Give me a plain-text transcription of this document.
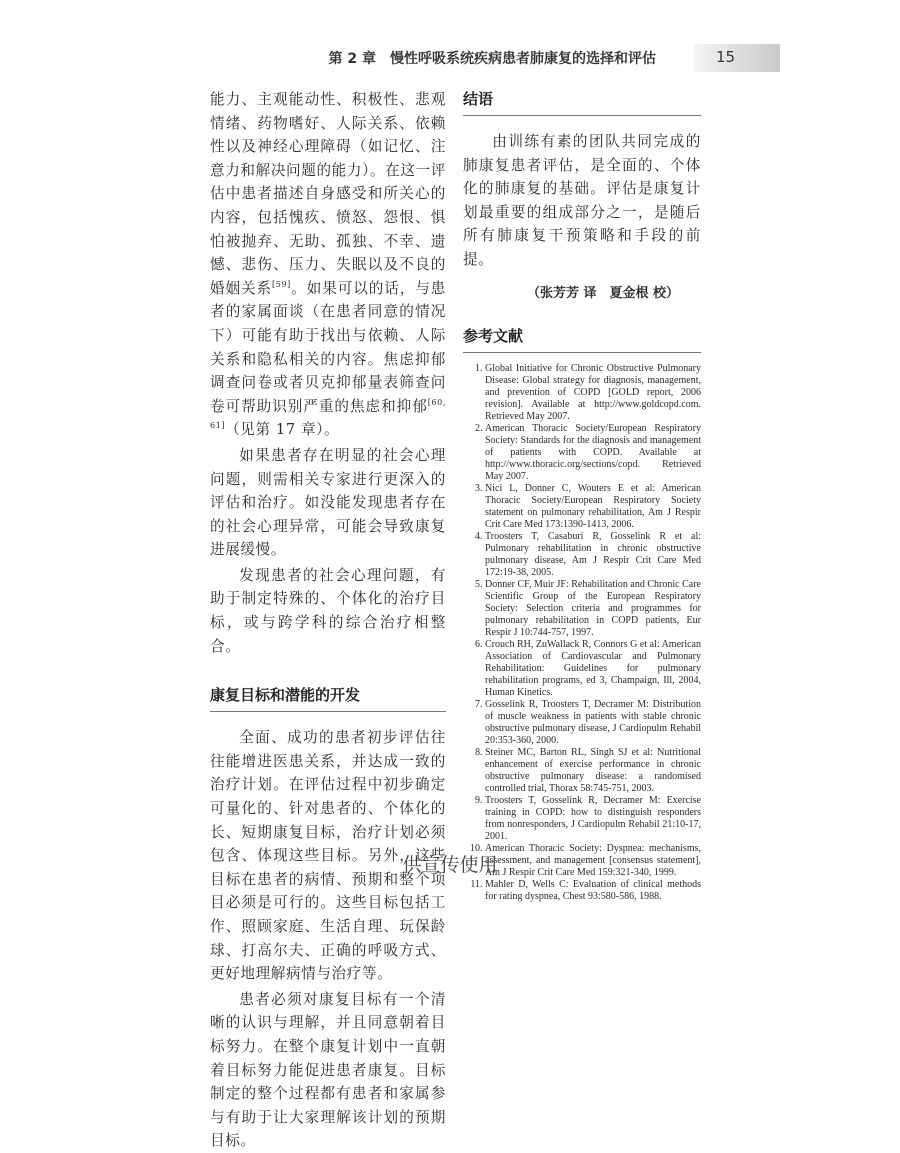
第 2 章　慢性呼吸系统疾病患者肺康复的选择和评估	15

能力、主观能动性、积极性、悲观情绪、药物嗜好、人际关系、依赖性以及神经心理障碍（如记忆、注意力和解决问题的能力）。在这一评估中患者描述自身感受和所关心的内容，包括愧疚、愤怒、怨恨、惧怕被抛弃、无助、孤独、不幸、遗憾、悲伤、压力、失眠以及不良的婚姻关系[59]。如果可以的话，与患者的家属面谈（在患者同意的情况下）可能有助于找出与依赖、人际关系和隐私相关的内容。焦虑抑郁调查问卷或者贝克抑郁量表筛查问卷可帮助识别严重的焦虑和抑郁[60, 61]（见第 17 章）。

如果患者存在明显的社会心理问题，则需相关专家进行更深入的评估和治疗。如没能发现患者存在的社会心理异常，可能会导致康复进展缓慢。

发现患者的社会心理问题，有助于制定特殊的、个体化的治疗目标，或与跨学科的综合治疗相整合。

康复目标和潜能的开发

全面、成功的患者初步评估往往能增进医患关系，并达成一致的治疗计划。在评估过程中初步确定可量化的、针对患者的、个体化的长、短期康复目标，治疗计划必须包含、体现这些目标。另外，这些目标在患者的病情、预期和整个项目必须是可行的。这些目标包括工作、照顾家庭、生活自理、玩保龄球、打高尔夫、正确的呼吸方式、更好地理解病情与治疗等。

患者必须对康复目标有一个清晰的认识与理解，并且同意朝着目标努力。在整个康复计划中一直朝着目标努力能促进患者康复。目标制定的整个过程都有患者和家属参与有助于让大家理解该计划的预期目标。

结语

由训练有素的团队共同完成的肺康复患者评估，是全面的、个体化的肺康复的基础。评估是康复计划最重要的组成部分之一，是随后所有肺康复干预策略和手段的前提。

（张芳芳 译　夏金根 校）
参考文献
1. Global Initiative for Chronic Obstructive Pulmonary Disease: Global strategy for diagnosis, management, and prevention of COPD [GOLD report, 2006 revision]. Available at http://www.goldcopd.com. Retrieved May 2007.
2. American Thoracic Society/European Respiratory Society: Standards for the diagnosis and management of patients with COPD. Available at http://www.thoracic.org/sections/copd. Retrieved May 2007.
3. Nici L, Donner C, Wouters E et al: American Thoracic Society/European Respiratory Society statement on pulmonary rehabilitation, Am J Respir Crit Care Med 173:1390-1413, 2006.
4. Troosters T, Casaburi R, Gosselink R et al: Pulmonary rehabilitation in chronic obstructive pulmonary disease, Am J Respir Crit Care Med 172:19-38, 2005.
5. Donner CF, Muir JF: Rehabilitation and Chronic Care Scientific Group of the European Respiratory Society: Selection criteria and programmes for pulmonary rehabilitation in COPD patients, Eur Respir J 10:744-757, 1997.
6. Crouch RH, ZuWallack R, Connors G et al: American Association of Cardiovascular and Pulmonary Rehabilitation: Guidelines for pulmonary rehabilitation programs, ed 3, Champaign, Ill, 2004, Human Kinetics.
7. Gosselink R, Troosters T, Decramer M: Distribution of muscle weakness in patients with stable chronic obstructive pulmonary disease, J Cardiopulm Rehabil 20:353-360, 2000.
8. Steiner MC, Barton RL, Singh SJ et al: Nutritional enhancement of exercise performance in chronic obstructive pulmonary disease: a randomised controlled trial, Thorax 58:745-751, 2003.
9. Troosters T, Gosselink R, Decramer M: Exercise training in COPD: how to distinguish responders from nonresponders, J Cardiopulm Rehabil 21:10-17, 2001.
10. American Thoracic Society: Dyspnea: mechanisms, assessment, and management [consensus statement], Am J Respir Crit Care Med 159:321-340, 1999.
11. Mahler D, Wells C: Evaluation of clinical methods for rating dyspnea, Chest 93:580-586, 1988.
供宣传使用
